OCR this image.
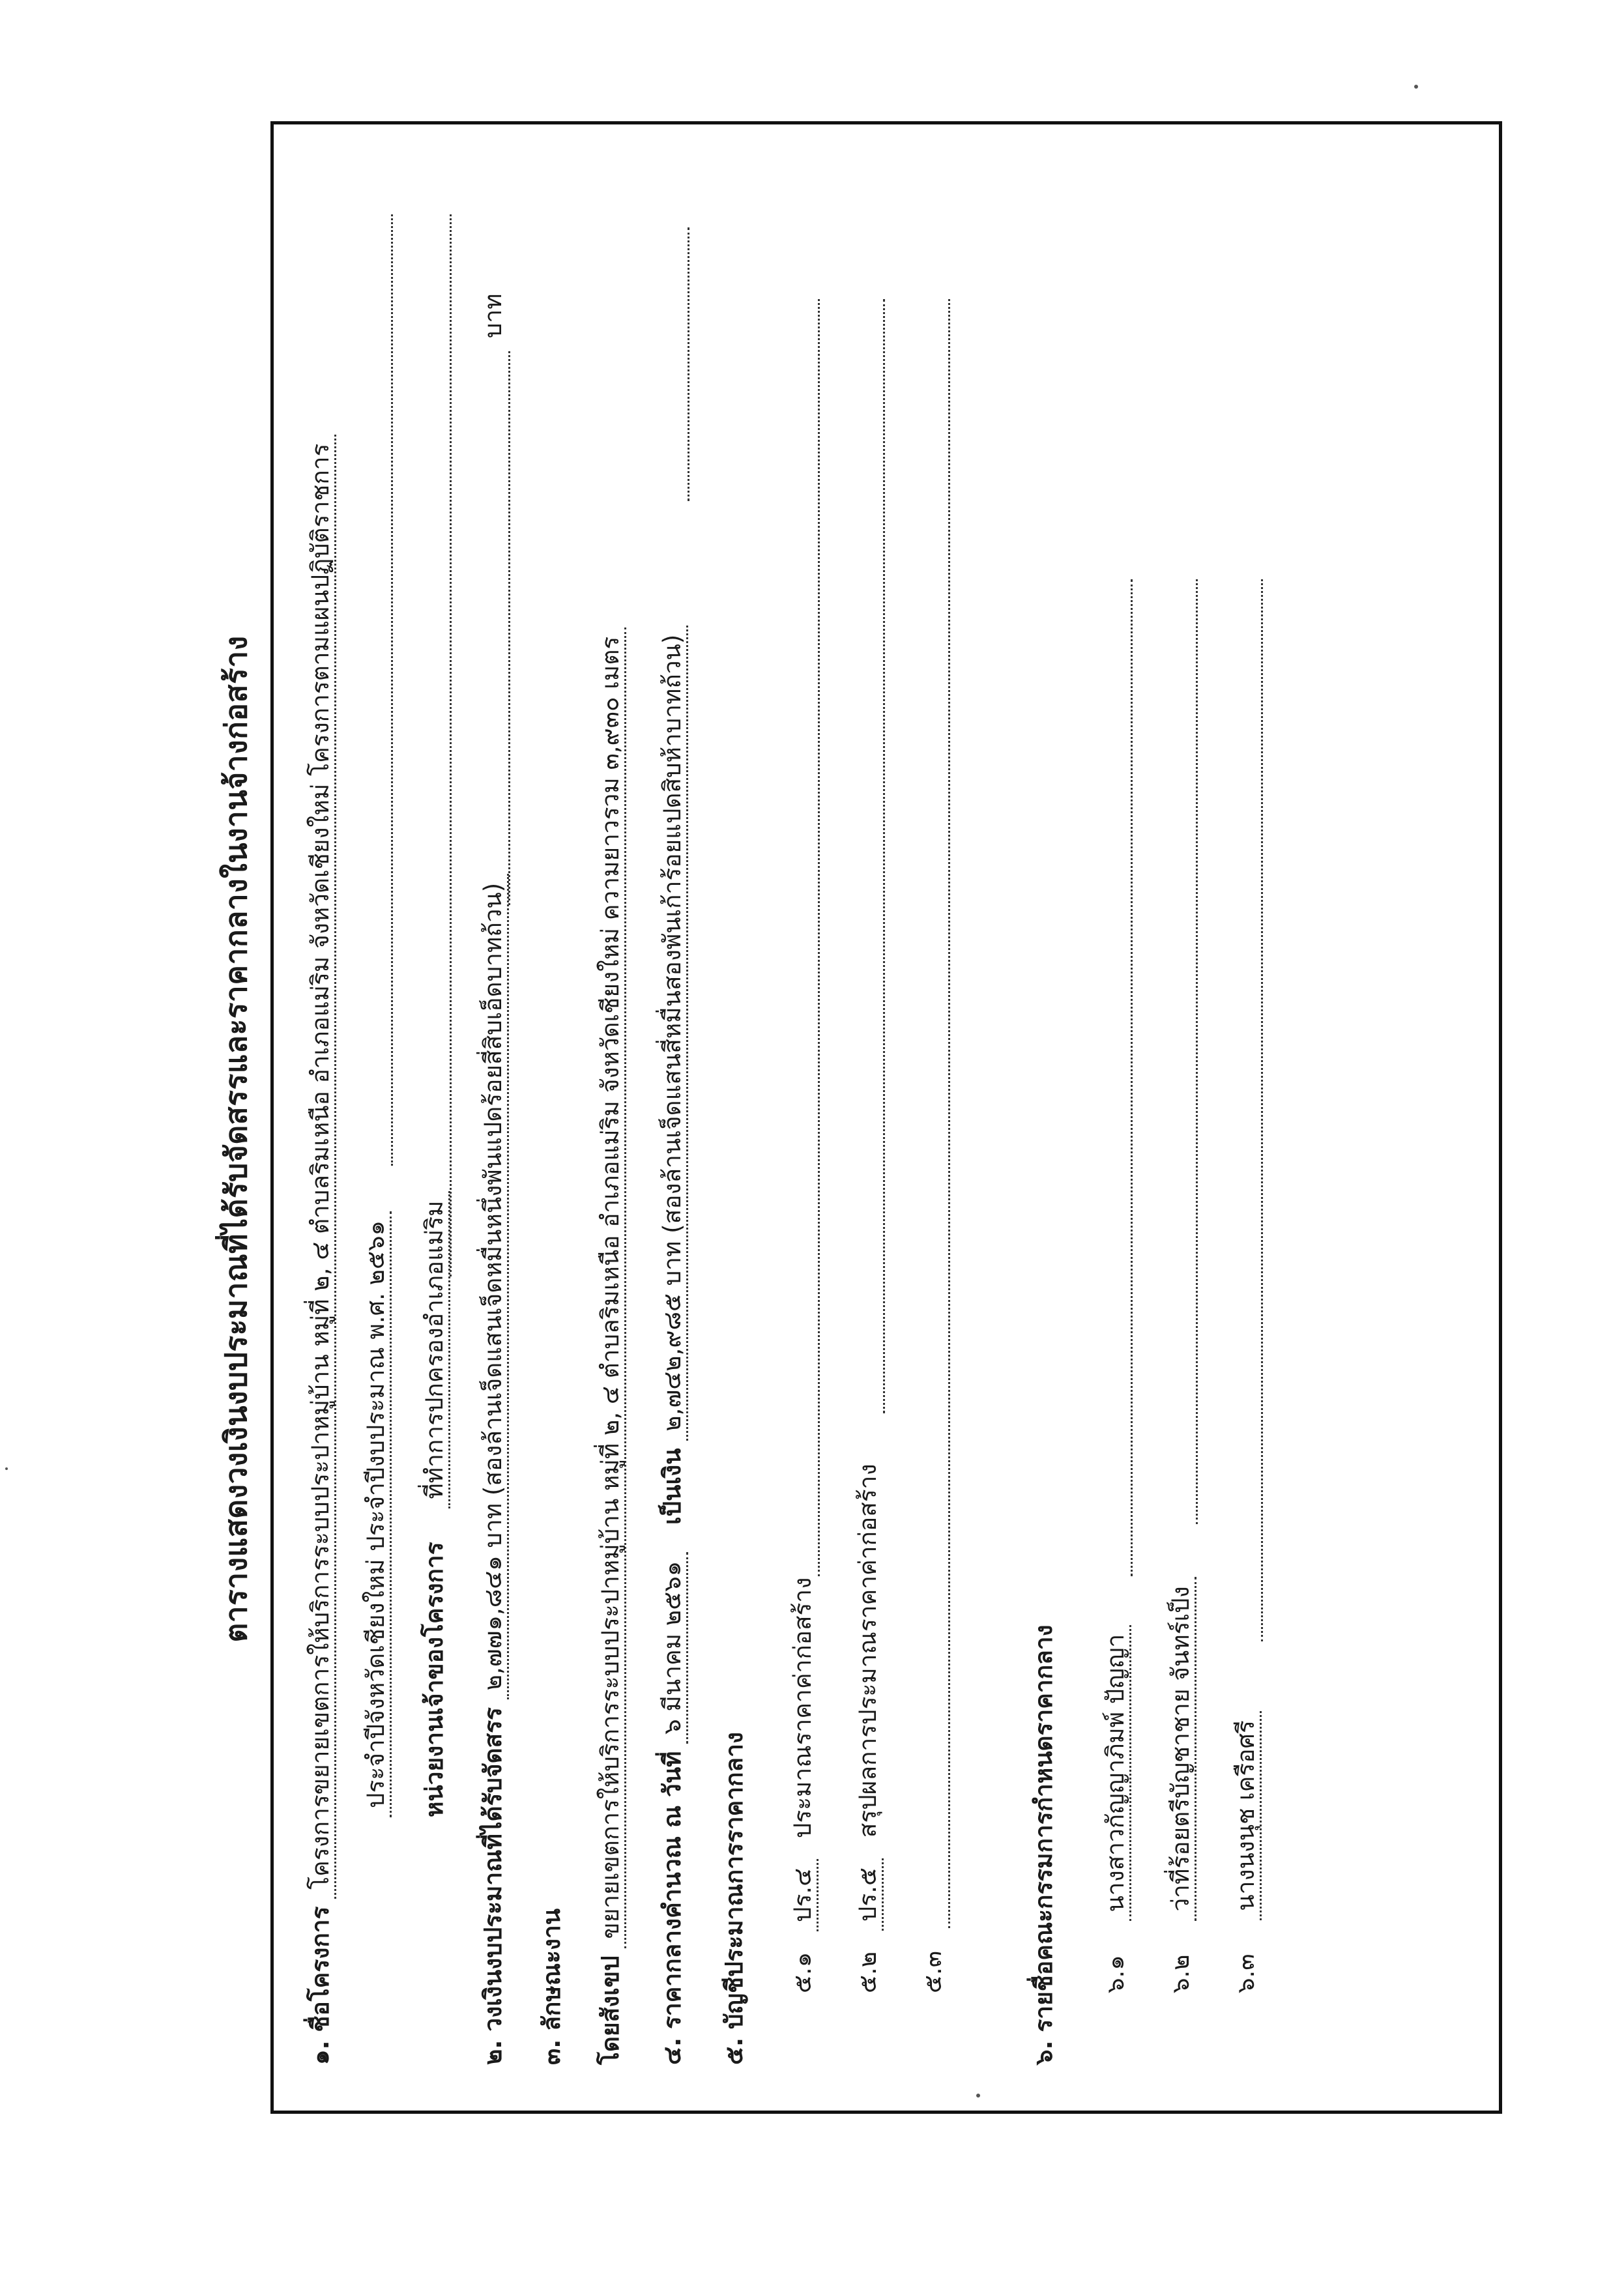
ตารางแสดงวงเงินงบประมาณที่ได้รับจัดสรรและราคากลางในงานจ้างก่อสร้าง
๑. ชื่อโครงการ โครงการขยายเขตการให้บริการระบบประปาหมู่บ้าน หมู่ที่ ๒, ๔ ตำบลริมเหนือ อำเภอแม่ริม จังหวัดเชียงใหม่ โครงการตามแผนปฏิบัติราชการ ประจำปีจังหวัดเชียงใหม่ ประจำปีงบประมาณ พ.ศ. ๒๕๖๑ หน่วยงานเจ้าของโครงการ ที่ทำการปกครองอำเภอแม่ริม
๒. วงเงินงบประมาณที่ได้รับจัดสรร ๒,๗๗๑,๘๔๑ บาท (สองล้านเจ็ดแสนเจ็ดหมื่นหนึ่งพันแปดร้อยสี่สิบเอ็ดบาทถ้วน)
บาท
๓. ลักษณะงาน โดยสังเขป ขยายเขตการให้บริการระบบประปาหมู่บ้าน หมู่ที่ ๒, ๔ ตำบลริมเหนือ อำเภอแม่ริม จังหวัดเชียงใหม่ ความยาวรวม ๓,๙๓๐ เมตร ๔. ราคากลางคำนวณ ณ วันที่ ๖ มีนาคม ๒๕๖๑ เป็นเงิน ๒,๗๔๒,๙๘๕ บาท (สองล้านเจ็ดแสนสี่หมื่นสองพันเก้าร้อยแปดสิบห้าบาทถ้วน)
๕. บัญชีประมาณการราคากลาง ๕.๑ ปร.๔ ประมาณราคาค่าก่อสร้าง
๕.๒ ปร.๕ สรุปผลการประมาณราคาค่าก่อสร้าง
๕.๓	๖. รายชื่อคณะกรรมการกำหนดราคากลาง ๖.๑ นางสาวกัญญาภิมพ์ ปัญญา
๖.๒ ว่าที่ร้อยตรีบัญชาชาย จันทร์เป็ง
๖.๓ นางนงนุช เครือศรี
